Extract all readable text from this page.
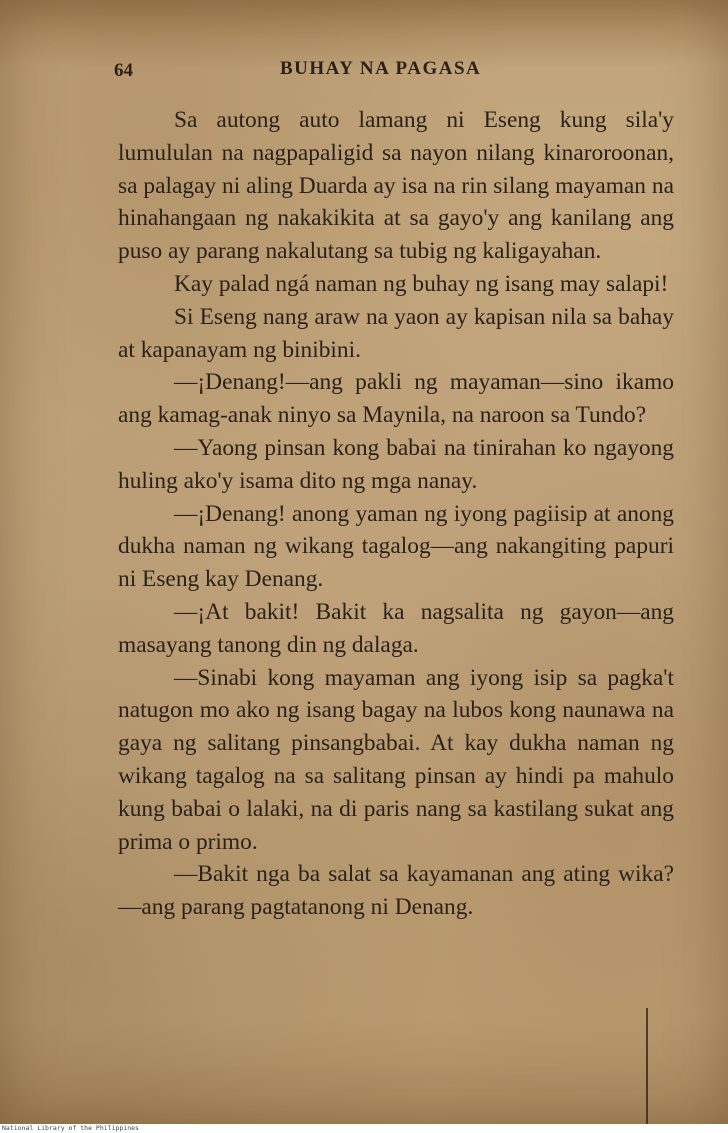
64	BUHAY NA PAGASA

Sa autong auto lamang ni Eseng kung sila'y lumululan na nagpapaligid sa nayon nilang kinaroroonan, sa palagay ni aling Duarda ay isa na rin silang mayaman na hinahangaan ng nakakikita at sa gayo'y ang kanilang ang puso ay parang nakalutang sa tubig ng kaligayahan.

Kay palad ngá naman ng buhay ng isang may salapi!

Si Eseng nang araw na yaon ay kapisan nila sa bahay at kapanayam ng binibini.

—¡Denang!—ang pakli ng mayaman—sino ikamo ang kamag-anak ninyo sa Maynila, na naroon sa Tundo?

—Yaong pinsan kong babai na tinirahan ko ngayong huling ako'y isama dito ng mga nanay.

—¡Denang! anong yaman ng iyong pagiisip at anong dukha naman ng wikang tagalog—ang nakangiting papuri ni Eseng kay Denang.

—¡At bakit! Bakit ka nagsalita ng gayon—ang masayang tanong din ng dalaga.

—Sinabi kong mayaman ang iyong isip sa pagka't natugon mo ako ng isang bagay na lubos kong naunawa na gaya ng salitang pinsangbabai. At kay dukha naman ng wikang tagalog na sa salitang pinsan ay hindi pa mahulo kung babai o lalaki, na di paris nang sa kastilang sukat ang prima o primo.

—Bakit nga ba salat sa kayamanan ang ating wika?—ang parang pagtatanong ni Denang.

National Library of the Philippines
